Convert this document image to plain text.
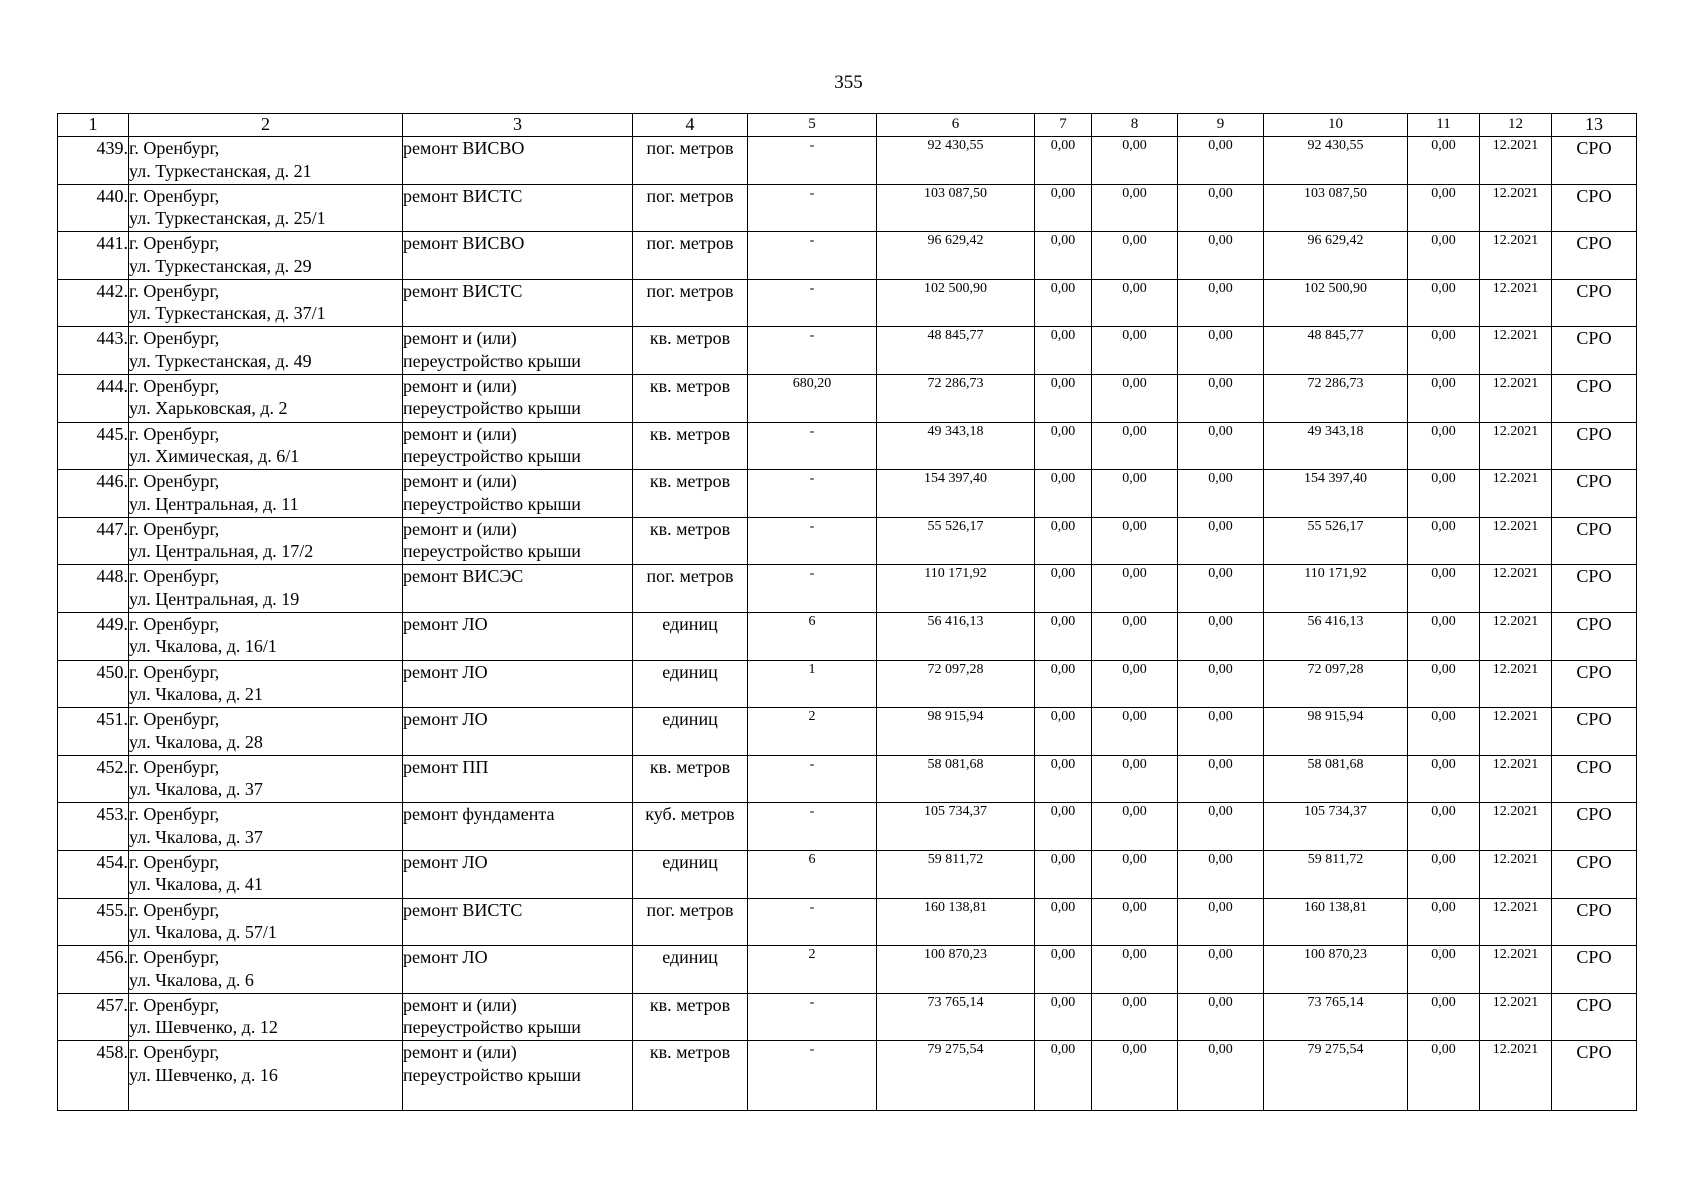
355
1	2	3	4	5	6	7	8	9	10	11	12	13
439.	г. Оренбург,
ул. Туркестанская, д. 21	ремонт ВИСВО	пог. метров	-	92 430,55	0,00	0,00	0,00	92 430,55	0,00	12.2021	СРО
440.	г. Оренбург,
ул. Туркестанская, д. 25/1	ремонт ВИСТС	пог. метров	-	103 087,50	0,00	0,00	0,00	103 087,50	0,00	12.2021	СРО
441.	г. Оренбург,
ул. Туркестанская, д. 29	ремонт ВИСВО	пог. метров	-	96 629,42	0,00	0,00	0,00	96 629,42	0,00	12.2021	СРО
442.	г. Оренбург,
ул. Туркестанская, д. 37/1	ремонт ВИСТС	пог. метров	-	102 500,90	0,00	0,00	0,00	102 500,90	0,00	12.2021	СРО
443.	г. Оренбург,
ул. Туркестанская, д. 49	ремонт и (или)
переустройство крыши	кв. метров	-	48 845,77	0,00	0,00	0,00	48 845,77	0,00	12.2021	СРО
444.	г. Оренбург,
ул. Харьковская, д. 2	ремонт и (или)
переустройство крыши	кв. метров	680,20	72 286,73	0,00	0,00	0,00	72 286,73	0,00	12.2021	СРО
445.	г. Оренбург,
ул. Химическая, д. 6/1	ремонт и (или)
переустройство крыши	кв. метров	-	49 343,18	0,00	0,00	0,00	49 343,18	0,00	12.2021	СРО
446.	г. Оренбург,
ул. Центральная, д. 11	ремонт и (или)
переустройство крыши	кв. метров	-	154 397,40	0,00	0,00	0,00	154 397,40	0,00	12.2021	СРО
447.	г. Оренбург,
ул. Центральная, д. 17/2	ремонт и (или)
переустройство крыши	кв. метров	-	55 526,17	0,00	0,00	0,00	55 526,17	0,00	12.2021	СРО
448.	г. Оренбург,
ул. Центральная, д. 19	ремонт ВИСЭС	пог. метров	-	110 171,92	0,00	0,00	0,00	110 171,92	0,00	12.2021	СРО
449.	г. Оренбург,
ул. Чкалова, д. 16/1	ремонт ЛО	единиц	6	56 416,13	0,00	0,00	0,00	56 416,13	0,00	12.2021	СРО
450.	г. Оренбург,
ул. Чкалова, д. 21	ремонт ЛО	единиц	1	72 097,28	0,00	0,00	0,00	72 097,28	0,00	12.2021	СРО
451.	г. Оренбург,
ул. Чкалова, д. 28	ремонт ЛО	единиц	2	98 915,94	0,00	0,00	0,00	98 915,94	0,00	12.2021	СРО
452.	г. Оренбург,
ул. Чкалова, д. 37	ремонт ПП	кв. метров	-	58 081,68	0,00	0,00	0,00	58 081,68	0,00	12.2021	СРО
453.	г. Оренбург,
ул. Чкалова, д. 37	ремонт фундамента	куб. метров	-	105 734,37	0,00	0,00	0,00	105 734,37	0,00	12.2021	СРО
454.	г. Оренбург,
ул. Чкалова, д. 41	ремонт ЛО	единиц	6	59 811,72	0,00	0,00	0,00	59 811,72	0,00	12.2021	СРО
455.	г. Оренбург,
ул. Чкалова, д. 57/1	ремонт ВИСТС	пог. метров	-	160 138,81	0,00	0,00	0,00	160 138,81	0,00	12.2021	СРО
456.	г. Оренбург,
ул. Чкалова, д. 6	ремонт ЛО	единиц	2	100 870,23	0,00	0,00	0,00	100 870,23	0,00	12.2021	СРО
457.	г. Оренбург,
ул. Шевченко, д. 12	ремонт и (или)
переустройство крыши	кв. метров	-	73 765,14	0,00	0,00	0,00	73 765,14	0,00	12.2021	СРО
458.	г. Оренбург,
ул. Шевченко, д. 16	ремонт и (или)
переустройство крыши	кв. метров	-	79 275,54	0,00	0,00	0,00	79 275,54	0,00	12.2021	СРО
